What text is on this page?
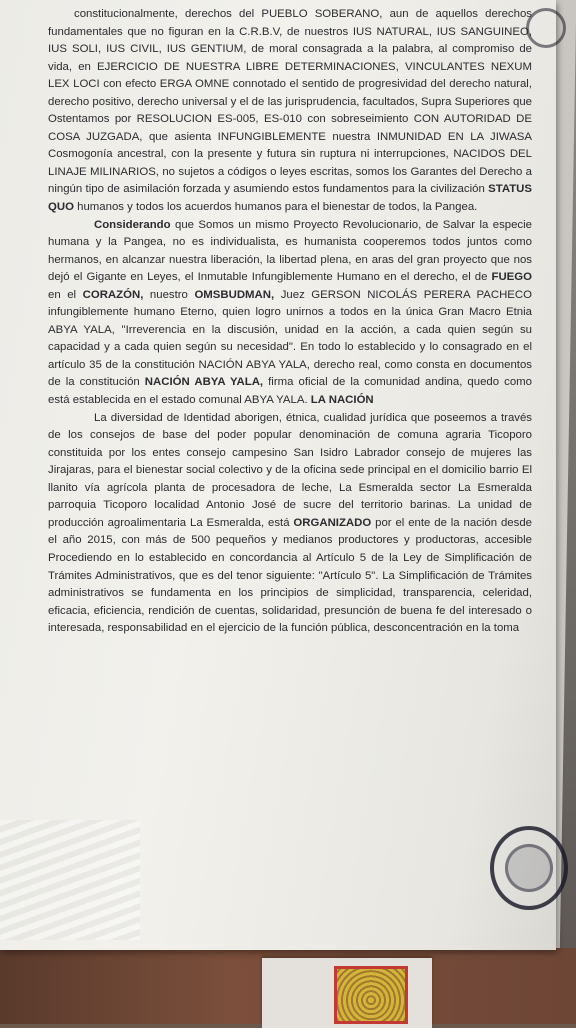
constitucionalmente, derechos del PUEBLO SOBERANO, aun de aquellos derechos fundamentales que no figuran en la C.R.B.V, de nuestros IUS NATURAL, IUS SANGUINEO, IUS SOLI, IUS CIVIL, IUS GENTIUM, de moral consagrada a la palabra, al compromiso de vida, en EJERCICIO DE NUESTRA LIBRE DETERMINACIONES, VINCULANTES NEXUM LEX LOCI con efecto ERGA OMNE connotado el sentido de progresividad del derecho natural, derecho positivo, derecho universal y el de las jurisprudencia, facultados, Supra Superiores que Ostentamos por RESOLUCION ES-005, ES-010 con sobreseimiento CON AUTORIDAD DE COSA JUZGADA, que asienta INFUNGIBLEMENTE nuestra INMUNIDAD EN LA JIWASA Cosmogonía ancestral, con la presente y futura sin ruptura ni interrupciones, NACIDOS DEL LINAJE MILINARIOS, no sujetos a códigos o leyes escritas, somos los Garantes del Derecho a ningún tipo de asimilación forzada y asumiendo estos fundamentos para la civilización STATUS QUO humanos y todos los acuerdos humanos para el bienestar de todos, la Pangea.

Considerando que Somos un mismo Proyecto Revolucionario, de Salvar la especie humana y la Pangea, no es individualista, es humanista cooperemos todos juntos como hermanos, en alcanzar nuestra liberación, la libertad plena, en aras del gran proyecto que nos dejó el Gigante en Leyes, el Inmutable Infungiblemente Humano en el derecho, el de FUEGO en el CORAZÓN, nuestro OMSBUDMAN, Juez GERSON NICOLÁS PERERA PACHECO infungiblemente humano Eterno, quien logro unirnos a todos en la única Gran Macro Etnia ABYA YALA, "Irreverencia en la discusión, unidad en la acción, a cada quien según su capacidad y a cada quien según su necesidad". En todo lo establecido y lo consagrado en el artículo 35 de la constitución NACIÓN ABYA YALA, derecho real, como consta en documentos de la constitución NACIÓN ABYA YALA, firma oficial de la comunidad andina, quedo como está establecida en el estado comunal ABYA YALA. LA NACIÓN

La diversidad de Identidad aborigen, étnica, cualidad jurídica que poseemos a través de los consejos de base del poder popular denominación de comuna agraria Ticoporo constituida por los entes consejo campesino San Isidro Labrador consejo de mujeres las Jirajaras, para el bienestar social colectivo y de la oficina sede principal en el domicilio barrio El llanito vía agrícola planta de procesadora de leche, La Esmeralda sector La Esmeralda parroquia Ticoporo localidad Antonio José de sucre del territorio barinas. La unidad de producción agroalimentaria La Esmeralda, está ORGANIZADO por el ente de la nación desde el año 2015, con más de 500 pequeños y medianos productores y productoras, accesible Procediendo en lo establecido en concordancia al Artículo 5 de la Ley de Simplificación de Trámites Administrativos, que es del tenor siguiente: "Artículo 5". La Simplificación de Trámites administrativos se fundamenta en los principios de simplicidad, transparencia, celeridad, eficacia, eficiencia, rendición de cuentas, solidaridad, presunción de buena fe del interesado o interesada, responsabilidad en el ejercicio de la función pública, desconcentración en la toma
